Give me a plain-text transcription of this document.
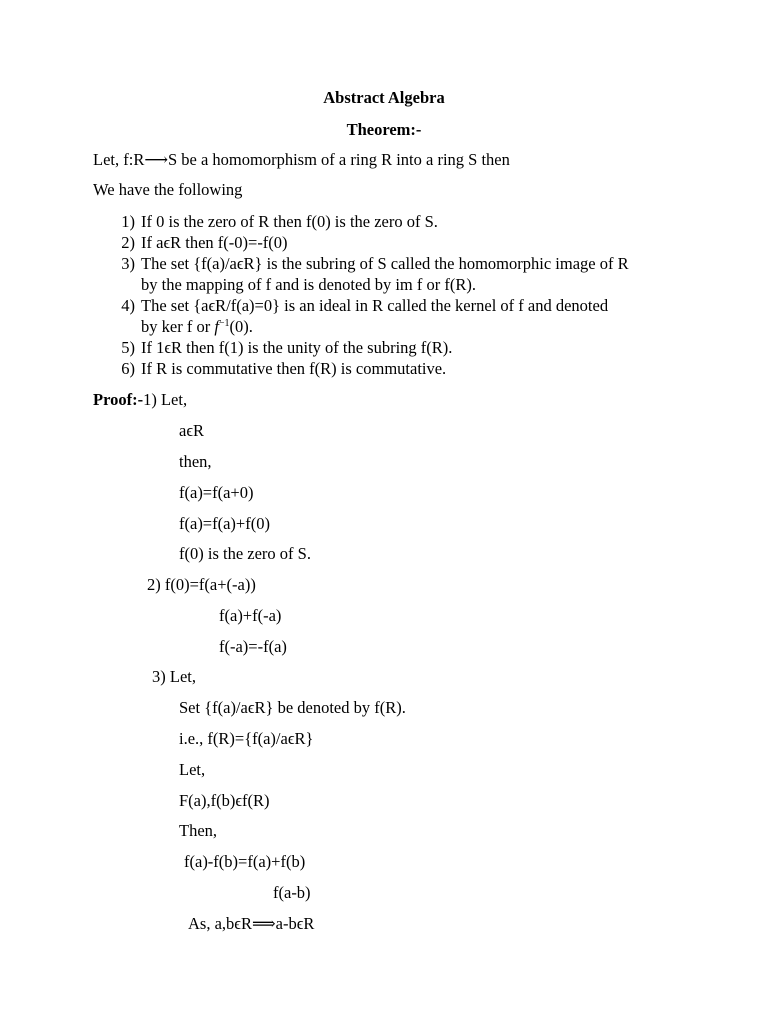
Abstract Algebra
Theorem:-
Let, f:R⟶S be a homomorphism of a ring R into a ring S then
We have the following
1) If 0 is the zero of R then f(0) is the zero of S.
2) If aϵR then f(-0)=-f(0)
3) The set {f(a)/aϵR} is the subring of S called the homomorphic image of R
by the mapping of f and is denoted by im f or f(R).
4) The set {aϵR/f(a)=0} is an ideal in R called the kernel of f and denoted
by ker f or $f^{-1}(0)$.
5) If 1ϵR then f(1) is the unity of the subring f(R).
6) If R is commutative then f(R) is commutative.
Proof:-1) Let,
aϵR
then,
f(a)=f(a+0)
f(a)=f(a)+f(0)
f(0) is the zero of S.
2) f(0)=f(a+(-a))
f(a)+f(-a)
f(-a)=-f(a)
3) Let,
Set {f(a)/aϵR} be denoted by f(R).
i.e., f(R)={f(a)/aϵR}
Let,
F(a),f(b)ϵf(R)
Then,
f(a)-f(b)=f(a)+f(b)
f(a-b)
As, a,bϵR⟹a-bϵR
